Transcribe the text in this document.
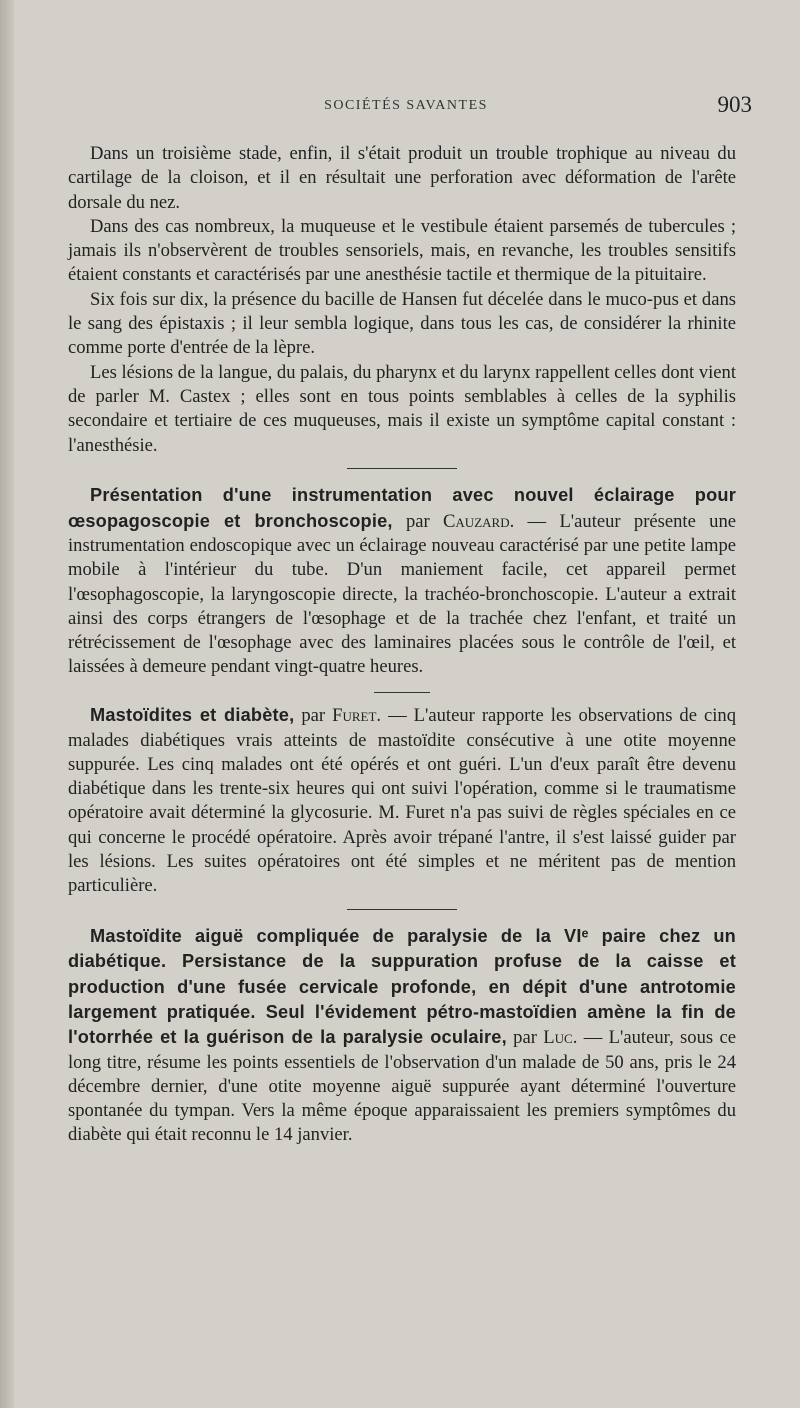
SOCIÉTÉS SAVANTES	903

Dans un troisième stade, enfin, il s'était produit un trouble trophique au niveau du cartilage de la cloison, et il en résultait une perforation avec déformation de l'arête dorsale du nez.

Dans des cas nombreux, la muqueuse et le vestibule étaient parsemés de tubercules ; jamais ils n'observèrent de troubles sensoriels, mais, en revanche, les troubles sensitifs étaient constants et caractérisés par une anesthésie tactile et thermique de la pituitaire.

Six fois sur dix, la présence du bacille de Hansen fut décelée dans le muco-pus et dans le sang des épistaxis ; il leur sembla logique, dans tous les cas, de considérer la rhinite comme porte d'entrée de la lèpre.

Les lésions de la langue, du palais, du pharynx et du larynx rappellent celles dont vient de parler M. Castex ; elles sont en tous points semblables à celles de la syphilis secondaire et tertiaire de ces muqueuses, mais il existe un symptôme capital constant : l'anesthésie.

Présentation d'une instrumentation avec nouvel éclairage pour œsopagoscopie et bronchoscopie, par Cauzard. — L'auteur présente une instrumentation endoscopique avec un éclairage nouveau caractérisé par une petite lampe mobile à l'intérieur du tube. D'un maniement facile, cet appareil permet l'œsophagoscopie, la laryngoscopie directe, la trachéo-bronchoscopie. L'auteur a extrait ainsi des corps étrangers de l'œsophage et de la trachée chez l'enfant, et traité un rétrécissement de l'œsophage avec des laminaires placées sous le contrôle de l'œil, et laissées à demeure pendant vingt-quatre heures.

Mastoïdites et diabète, par Furet. — L'auteur rapporte les observations de cinq malades diabétiques vrais atteints de mastoïdite consécutive à une otite moyenne suppurée. Les cinq malades ont été opérés et ont guéri. L'un d'eux paraît être devenu diabétique dans les trente-six heures qui ont suivi l'opération, comme si le traumatisme opératoire avait déterminé la glycosurie. M. Furet n'a pas suivi de règles spéciales en ce qui concerne le procédé opératoire. Après avoir trépané l'antre, il s'est laissé guider par les lésions. Les suites opératoires ont été simples et ne méritent pas de mention particulière.

Mastoïdite aiguë compliquée de paralysie de la VIᵉ paire chez un diabétique. Persistance de la suppuration profuse de la caisse et production d'une fusée cervicale profonde, en dépit d'une antrotomie largement pratiquée. Seul l'évidement pétro-mastoïdien amène la fin de l'otorrhée et la guérison de la paralysie oculaire, par Luc. — L'auteur, sous ce long titre, résume les points essentiels de l'observation d'un malade de 50 ans, pris le 24 décembre dernier, d'une otite moyenne aiguë suppurée ayant déterminé l'ouverture spontanée du tympan. Vers la même époque apparaissaient les premiers symptômes du diabète qui était reconnu le 14 janvier.
